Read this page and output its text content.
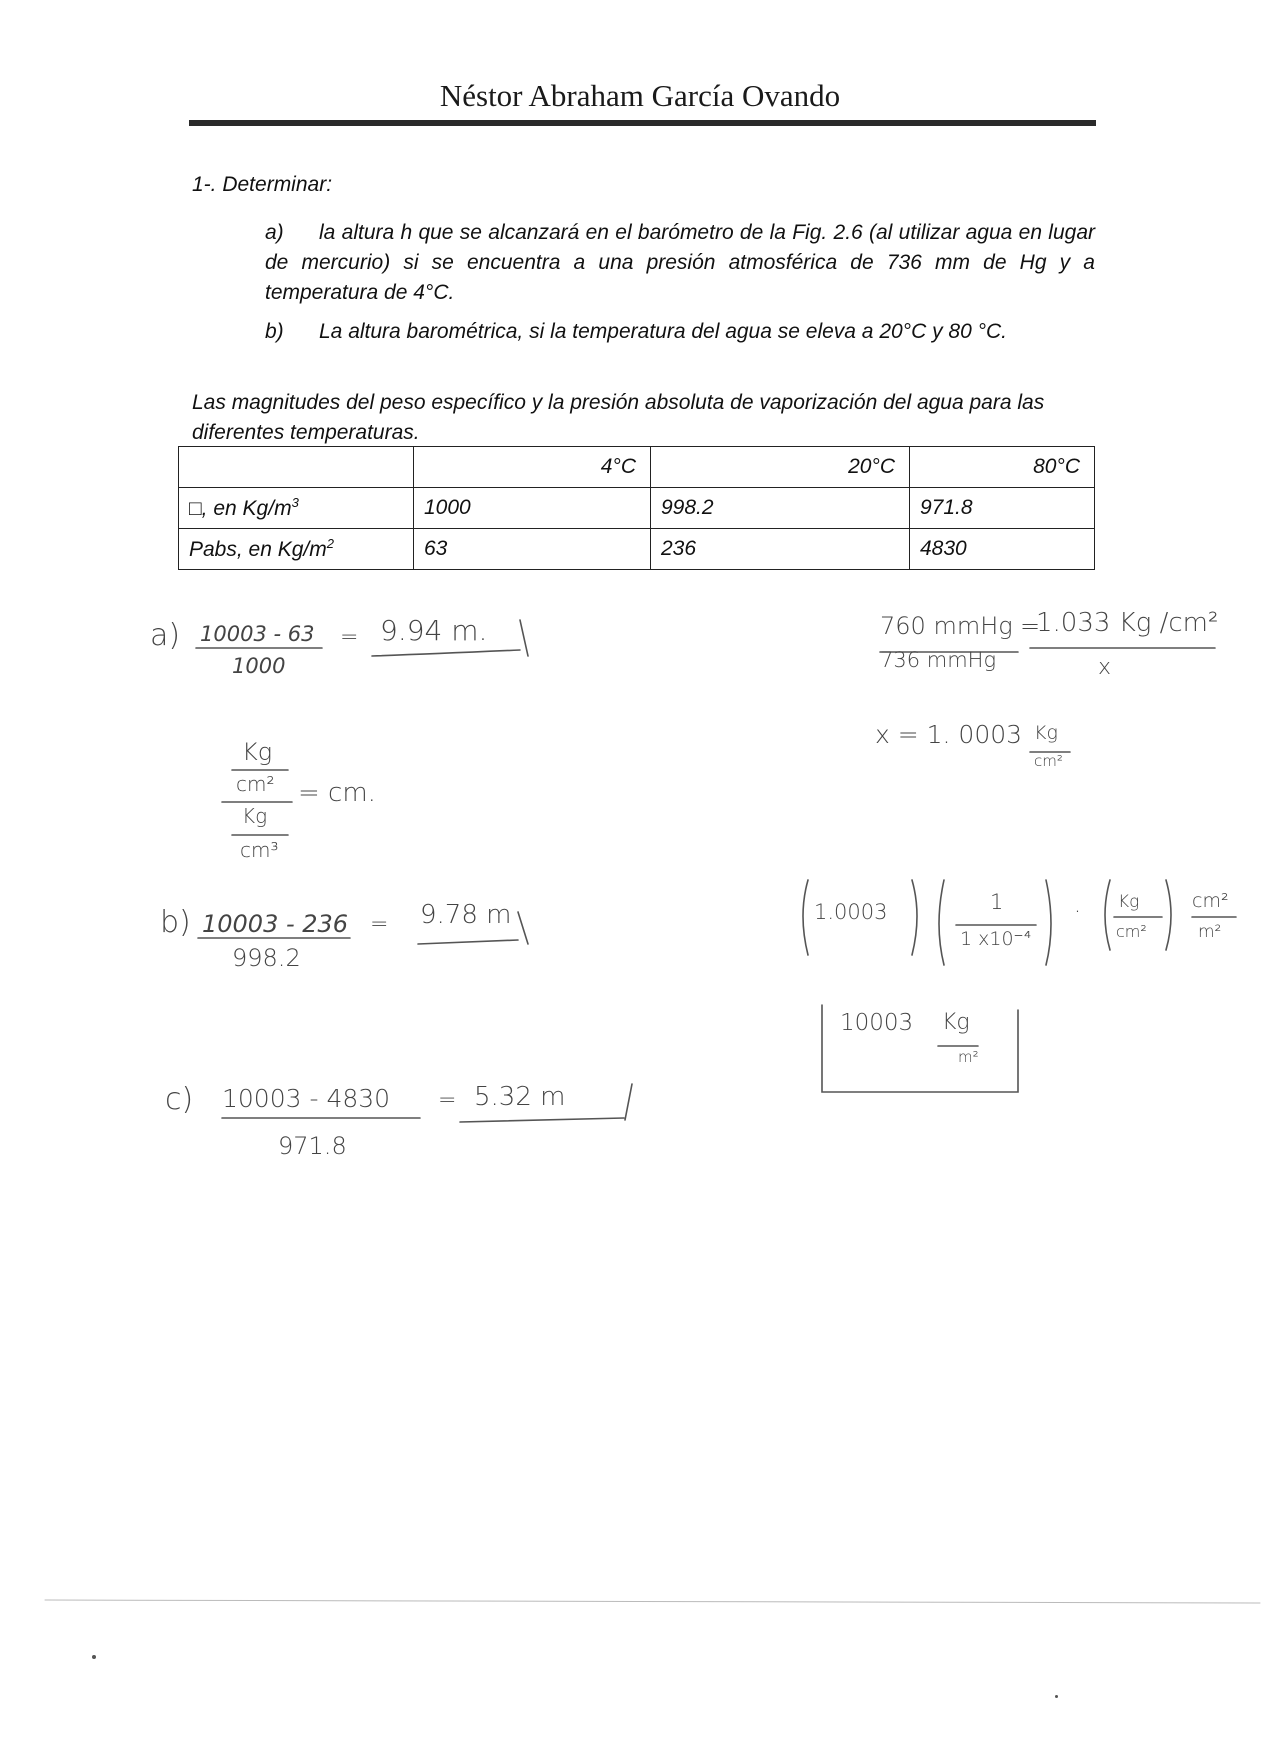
Néstor Abraham García Ovando
1-. Determinar:
a)	la altura h que se alcanzará en el barómetro de la Fig. 2.6 (al utilizar agua en lugar de mercurio) si se encuentra a una presión atmosférica de 736 mm de Hg y a temperatura de 4°C.
b)	La altura barométrica, si la temperatura del agua se eleva a 20°C y 80 °C.
Las magnitudes del peso específico y la presión absoluta de vaporización del agua para las diferentes temperaturas.
	4°C	20°C	80°C
□, en $Kg/m^3$	1000	998.2	971.8
Pabs, en $Kg/m^2$	63	236	4830
a) 10003 - 63
1000
= 9.94 m.	760 mmHg =
1.033 Kg /cm²
736 mmHg	x
x = 1. 0003 Kg
cm²
Kg
cm² = cm.
Kg
cm³
b) 10003 - 236
998.2
= 9.78 m	1.0003	1
1 x10⁻⁴
· Kg
cm²
cm²
m²
10003 Kg
m²
c) 10003 - 4830
971.8
= 5.32 m
